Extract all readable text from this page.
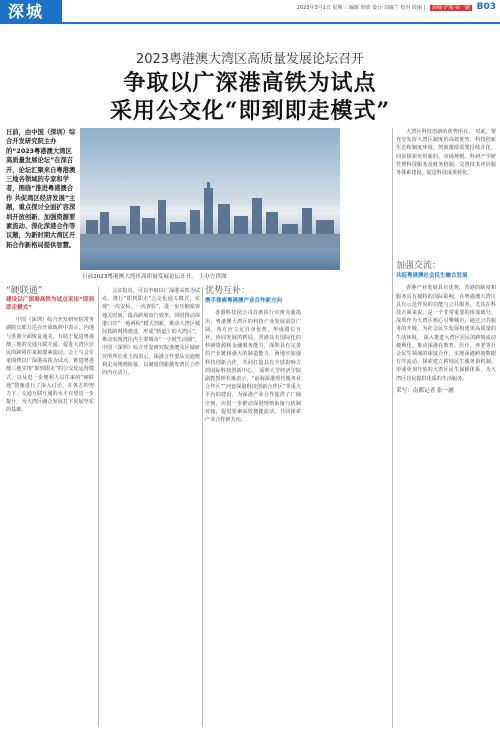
深城	2023年3月1日 星期三 编辑 韩欣 设计 刘威兰 校对 段丽 | 深城·沪城·第一刷 B03
2023粤港澳大湾区高质量发展论坛召开
争取以广深港高铁为试点
采用公交化“即到即走模式”
日前，由中国（深圳）综合开发研究院主办的“2023粤港澳大湾区高质量发展论坛”在深召开，论坛汇聚来自粤港澳三地各领域的专家和学者，围绕“推进粤港澳合作 共促湾区经济发展”主题，重点探讨全面扩容深圳开放创新、加强资源要素流动、深化深港合作等议题，为新时期大湾区开拓合作新格局提供智慧。
日前2023粤港澳大湾区高质量发展论坛开开。 主办方供图

大湾区科技创新的优势所在。 对此，要充分发挥大湾区制度的高效优势，科技创新生态和制度环境，创新激励需要持续并化，同步探索应用新的、市场规则。科研产学研管理科技服务及财务机制，完善技术评价服务体系建设，促进科技成果转化。

加强交流：
共促粤港澳社会民生融合发展

香港产业发展具有优势，香港的制度和服务具有独特的国际影响，在粤港澳大湾区具有示范作用的功能与公共服务，尤其在科技方面来说，是一个非常重要的组成部分。深圳作为大湾区核心引擎城市，通过公共服务的升级，为社会民生发展构建更高质量的生活环境。 深入推进大湾区居民的跨境流动便利化，推动深港在教育、医疗、养老等社会民生领域的深度合作。实现深港跨境数据有序流动，探索建立跨境民生服务新机制，形成更加开放的大湾区民生保障体系，为大湾区居民提供优质的生活服务。

采写：南都记者 张一涵
“硬联通”
建设以广深港高铁为试点采用“即到即走模式”

中国（深圳）综合开发研究院常务副院长郭万达在开幕致辞中表示，内地与香港全面恢复通关，有助于促进粤港澳三地的交通互联互通，促进大湾区居民的跨境往来和要素流动。会上与会专家围绕以广深港高铁为试点，推进粤港澳三地实现“即到即走”的公交化运营模式，以及进一步便利人员往来的“硬联通”措施进行了深入讨论。在各方的努力下，交通互联互通的水平有望进一步提升，为大湾区融合发展打下更加坚实的基础。

会议指出，可以争取以广深港高铁为试点，推行“即到即走”公交化通关模式，实现“一次安检、一次查验”，进一步压缩旅客通关时间，提高跨境出行效率。同时推动深港口岸“一地两检”模式创新，推动大湾区城际铁路网络建设，形成“轨道上的大湾区”，推动实现湾区内主要城市“一小时生活圈”。 中国（深圳）综合开发研究院港澳及区域研究所所长张玉阁表示，深港合作要从交通便利走向规则衔接，以制度创新激发湾区合作的内在动力。

优势互补：
携手探索粤港澳产业合作新方向

香港科技园公司首席执行官黄克强指出，粤港澳大湾区的科技产业发展前景广阔，各方应立足自身优势，形成错位互补、协同发展的格局。香港具有国际化的科研资源和金融服务能力，深圳具有完善的产业链和强大的制造能力，两地应加强科技创新合作，共同打造具有全球影响力的国际科技创新中心。 深圳大学经济学院副教授钟若愚表示，“前海深港现代服务业合作区”“河套深港科技创新合作区”等重大平台的建设，为深港产业合作提供了广阔空间，应进一步推动深港规则衔接与机制对接，促进要素高效便捷流动，共同探索产业合作新方向。
